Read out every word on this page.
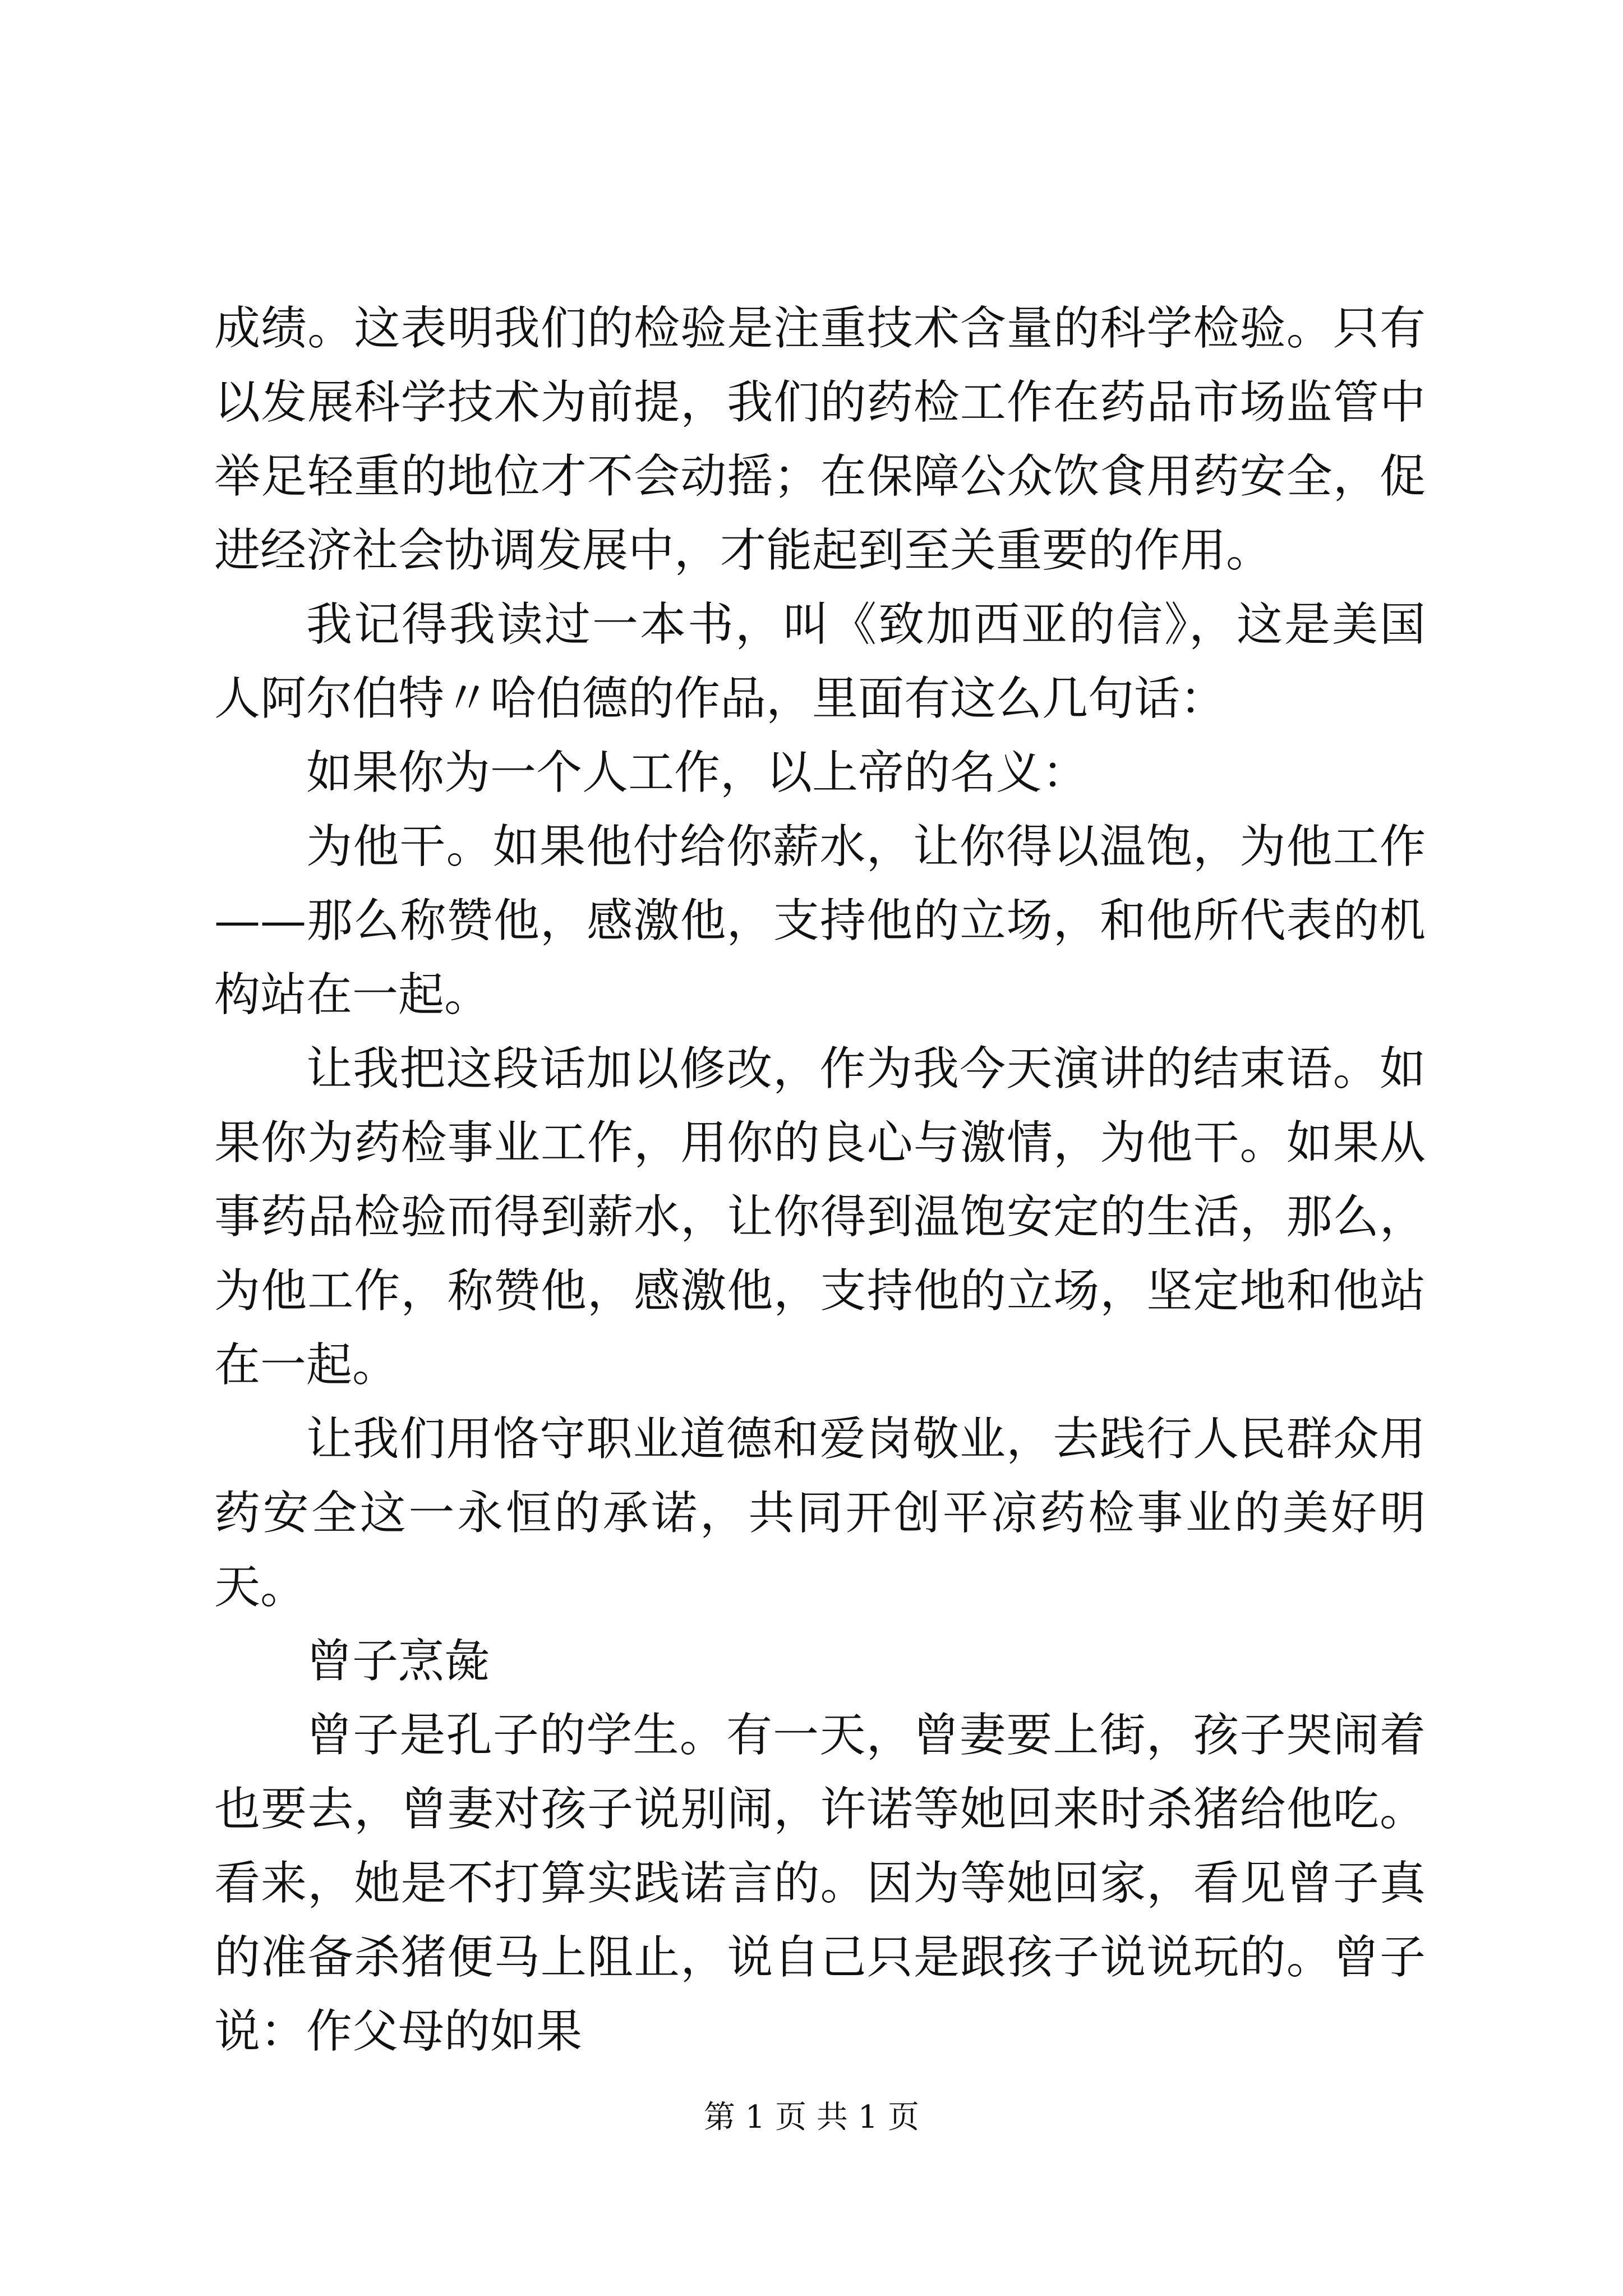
成绩。这表明我们的检验是注重技术含量的科学检验。只有以发展科学技术为前提，我们的药检工作在药品市场监管中举足轻重的地位才不会动摇；在保障公众饮食用药安全，促进经济社会协调发展中，才能起到至关重要的作用。

我记得我读过一本书，叫《致加西亚的信》，这是美国人阿尔伯特〃哈伯德的作品，里面有这么几句话：

如果你为一个人工作，以上帝的名义：

为他干。如果他付给你薪水，让你得以温饱，为他工作——那么称赞他，感激他，支持他的立场，和他所代表的机构站在一起。

让我把这段话加以修改，作为我今天演讲的结束语。如果你为药检事业工作，用你的良心与激情，为他干。如果从事药品检验而得到薪水，让你得到温饱安定的生活，那么，为他工作，称赞他，感激他，支持他的立场，坚定地和他站在一起。

让我们用恪守职业道德和爱岗敬业，去践行人民群众用药安全这一永恒的承诺，共同开创平凉药检事业的美好明天。

曾子烹彘

曾子是孔子的学生。有一天，曾妻要上街，孩子哭闹着也要去，曾妻对孩子说别闹，许诺等她回来时杀猪给他吃。看来，她是不打算实践诺言的。因为等她回家，看见曾子真的准备杀猪便马上阻止，说自己只是跟孩子说说玩的。曾子说：作父母的如果

第 1 页 共 1 页
